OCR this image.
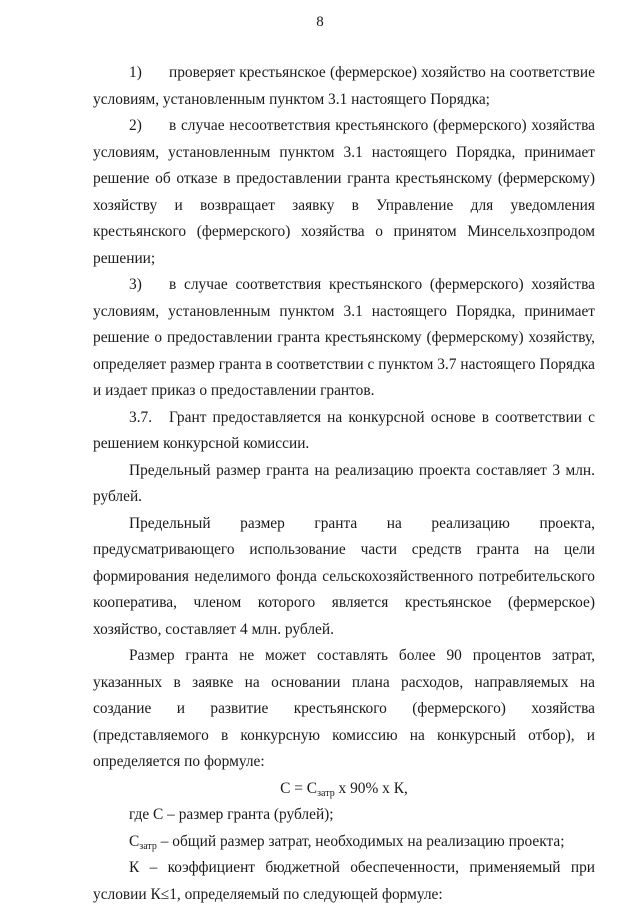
8

1) проверяет крестьянское (фермерское) хозяйство на соответствие условиям, установленным пунктом 3.1 настоящего Порядка;

2) в случае несоответствия крестьянского (фермерского) хозяйства условиям, установленным пунктом 3.1 настоящего Порядка, принимает решение об отказе в предоставлении гранта крестьянскому (фермерскому) хозяйству и возвращает заявку в Управление для уведомления крестьянского (фермерского) хозяйства о принятом Минсельхозпродом решении;

3) в случае соответствия крестьянского (фермерского) хозяйства условиям, установленным пунктом 3.1 настоящего Порядка, принимает решение о предоставлении гранта крестьянскому (фермерскому) хозяйству, определяет размер гранта в соответствии с пунктом 3.7 настоящего Порядка и издает приказ о предоставлении грантов.

3.7. Грант предоставляется на конкурсной основе в соответствии с решением конкурсной комиссии.

Предельный размер гранта на реализацию проекта составляет 3 млн. рублей.

Предельный размер гранта на реализацию проекта, предусматривающего использование части средств гранта на цели формирования неделимого фонда сельскохозяйственного потребительского кооператива, членом которого является крестьянское (фермерское) хозяйство, составляет 4 млн. рублей.

Размер гранта не может составлять более 90 процентов затрат, указанных в заявке на основании плана расходов, направляемых на создание и развитие крестьянского (фермерского) хозяйства (представляемого в конкурсную комиссию на конкурсный отбор), и определяется по формуле:

$С = С_{затр}$ х 90% х К,

где С – размер гранта (рублей);

$С_{затр}$ – общий размер затрат, необходимых на реализацию проекта;

К – коэффициент бюджетной обеспеченности, применяемый при условии К≤1, определяемый по следующей формуле:
